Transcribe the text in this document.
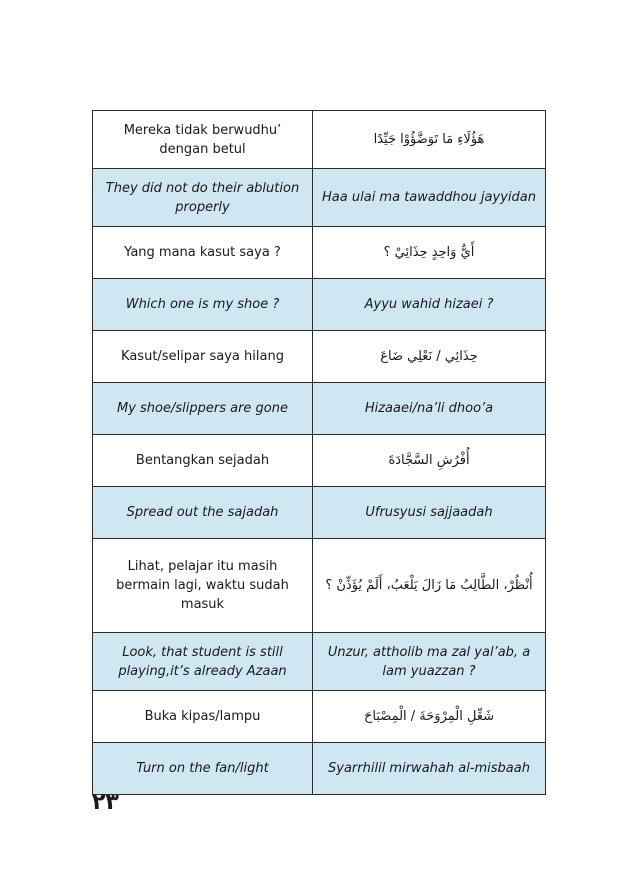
Mereka tidak berwudhu’ dengan betul	هَؤُلَاءِ مَا تَوَضَّؤُوْا جَيِّدًا
They did not do their ablution properly	Haa ulai ma tawaddhou jayyidan
Yang mana kasut saya ?	أَيُّ وَاحِدٍ حِذَائِيْ ؟
Which one is my shoe ?	Ayyu wahid hizaei ?
Kasut/selipar saya hilang	حِذَائِي / نَعْلِي ضَاعَ
My shoe/slippers are gone	Hizaaei/na’li dhoo’a
Bentangkan sejadah	أُفْرُشِ السَّجَّادَةَ
Spread out the sajadah	Ufrusyusi sajjaadah
Lihat, pelajar itu masih bermain lagi, waktu sudah masuk	أُنْظُرْ، الطَّالِبُ مَا زَالَ يَلْعَبُ، أَلَمْ يُؤَذِّنْ ؟
Look, that student is still playing,it’s already Azaan	Unzur, attholib ma zal yal’ab, a lam yuazzan ?
Buka kipas/lampu	شَغِّلِ الْمِرْوَحَةَ / الْمِصْبَاحَ
Turn on the fan/light	Syarrhilil mirwahah al-misbaah
٢٣
